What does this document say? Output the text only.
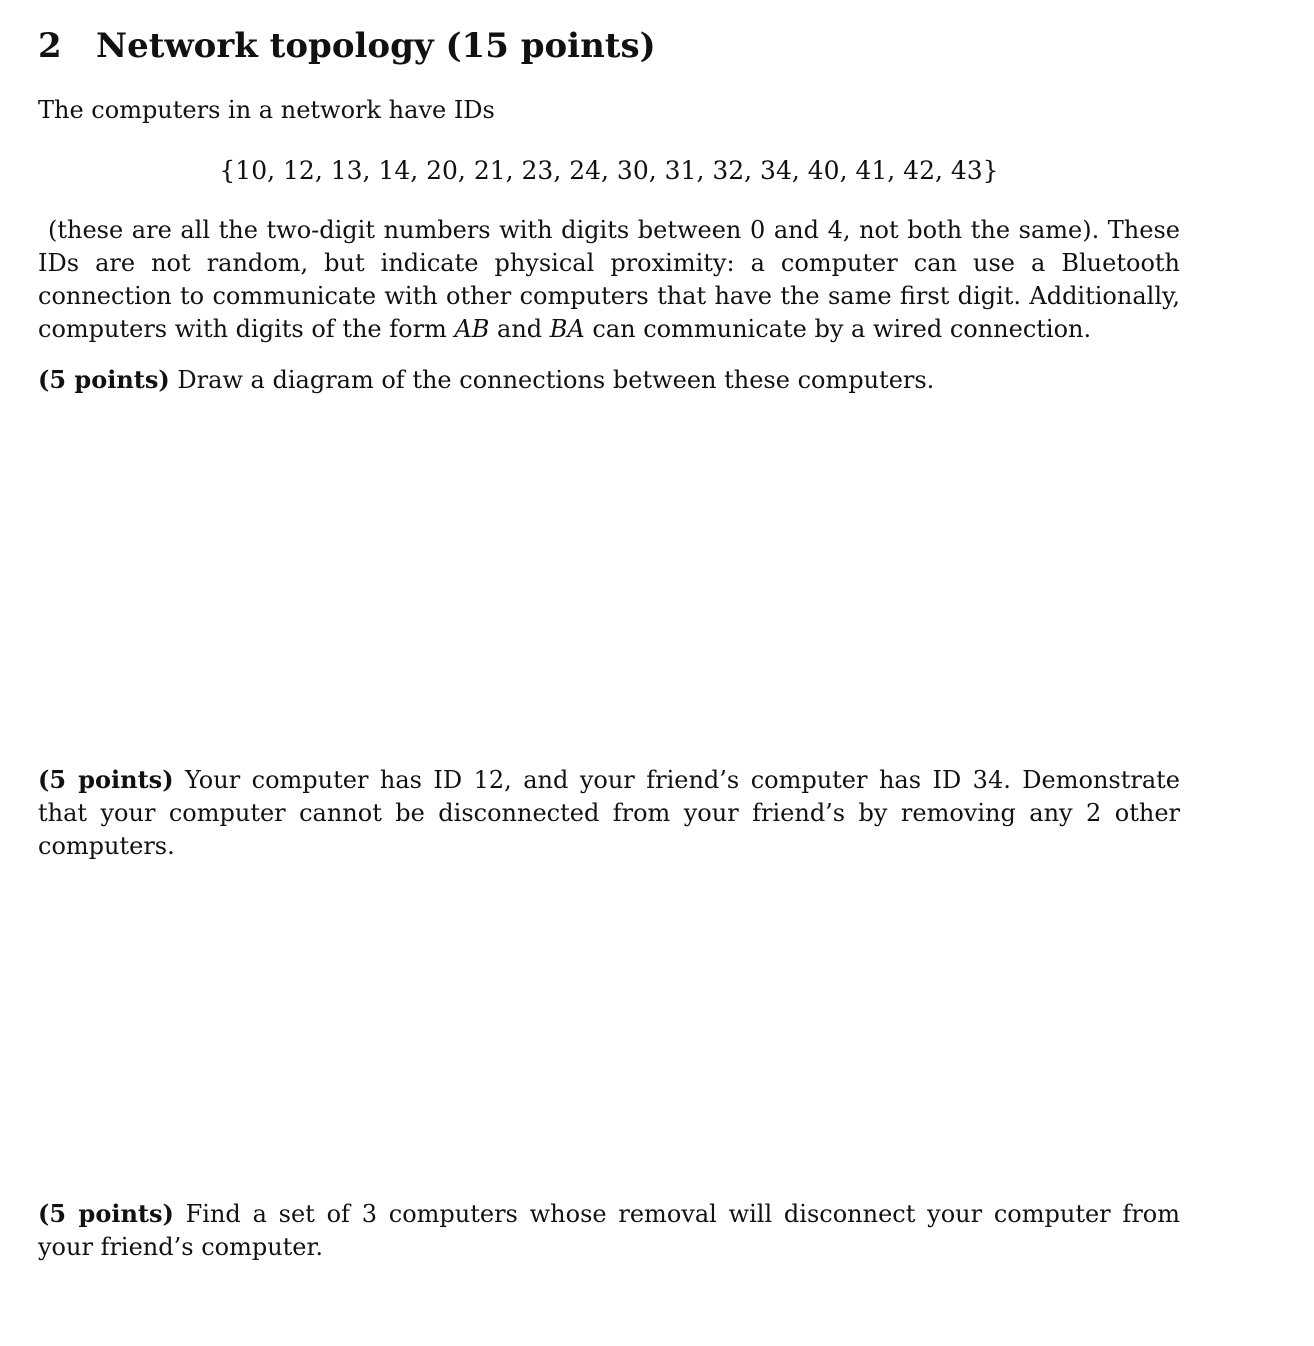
2 Network topology (15 points)

The computers in a network have IDs

{10, 12, 13, 14, 20, 21, 23, 24, 30, 31, 32, 34, 40, 41, 42, 43}

(these are all the two-digit numbers with digits between 0 and 4, not both the same). These IDs are not random, but indicate physical proximity: a computer can use a Bluetooth connection to communicate with other computers that have the same first digit. Additionally, computers with digits of the form AB and BA can communicate by a wired connection.

(5 points) Draw a diagram of the connections between these computers.

(5 points) Your computer has ID 12, and your friend’s computer has ID 34. Demonstrate that your computer cannot be disconnected from your friend’s by removing any 2 other computers.

(5 points) Find a set of 3 computers whose removal will disconnect your computer from your friend’s computer.
